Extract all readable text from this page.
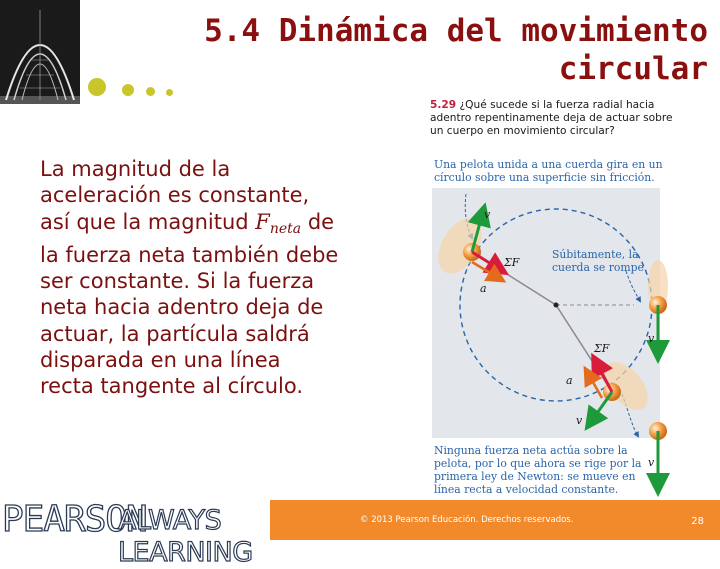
5.4 Dinámica del movimiento
circular
La magnitud de la
aceleración es constante,
así que la magnitud $F_{neta}$ de
la fuerza neta también debe
ser constante. Si la fuerza
neta hacia adentro deja de
actuar, la partícula saldrá
disparada en una línea
recta tangente al círculo.
v
ΣF
a
ΣF
a
v
v
v
5.29 ¿Qué sucede si la fuerza radial hacia adentro repentinamente deja de actuar sobre un cuerpo en movimiento circular?
Una pelota unida a una cuerda gira en un círculo sobre una superficie sin fricción.
Súbitamente, la cuerda se rompe.
Ninguna fuerza neta actúa sobre la pelota, por lo que ahora se rige por la primera ley de Newton: se mueve en línea recta a velocidad constante.
PEARSON
ALWAYS LEARNING
© 2013 Pearson Educación. Derechos reservados.	28
